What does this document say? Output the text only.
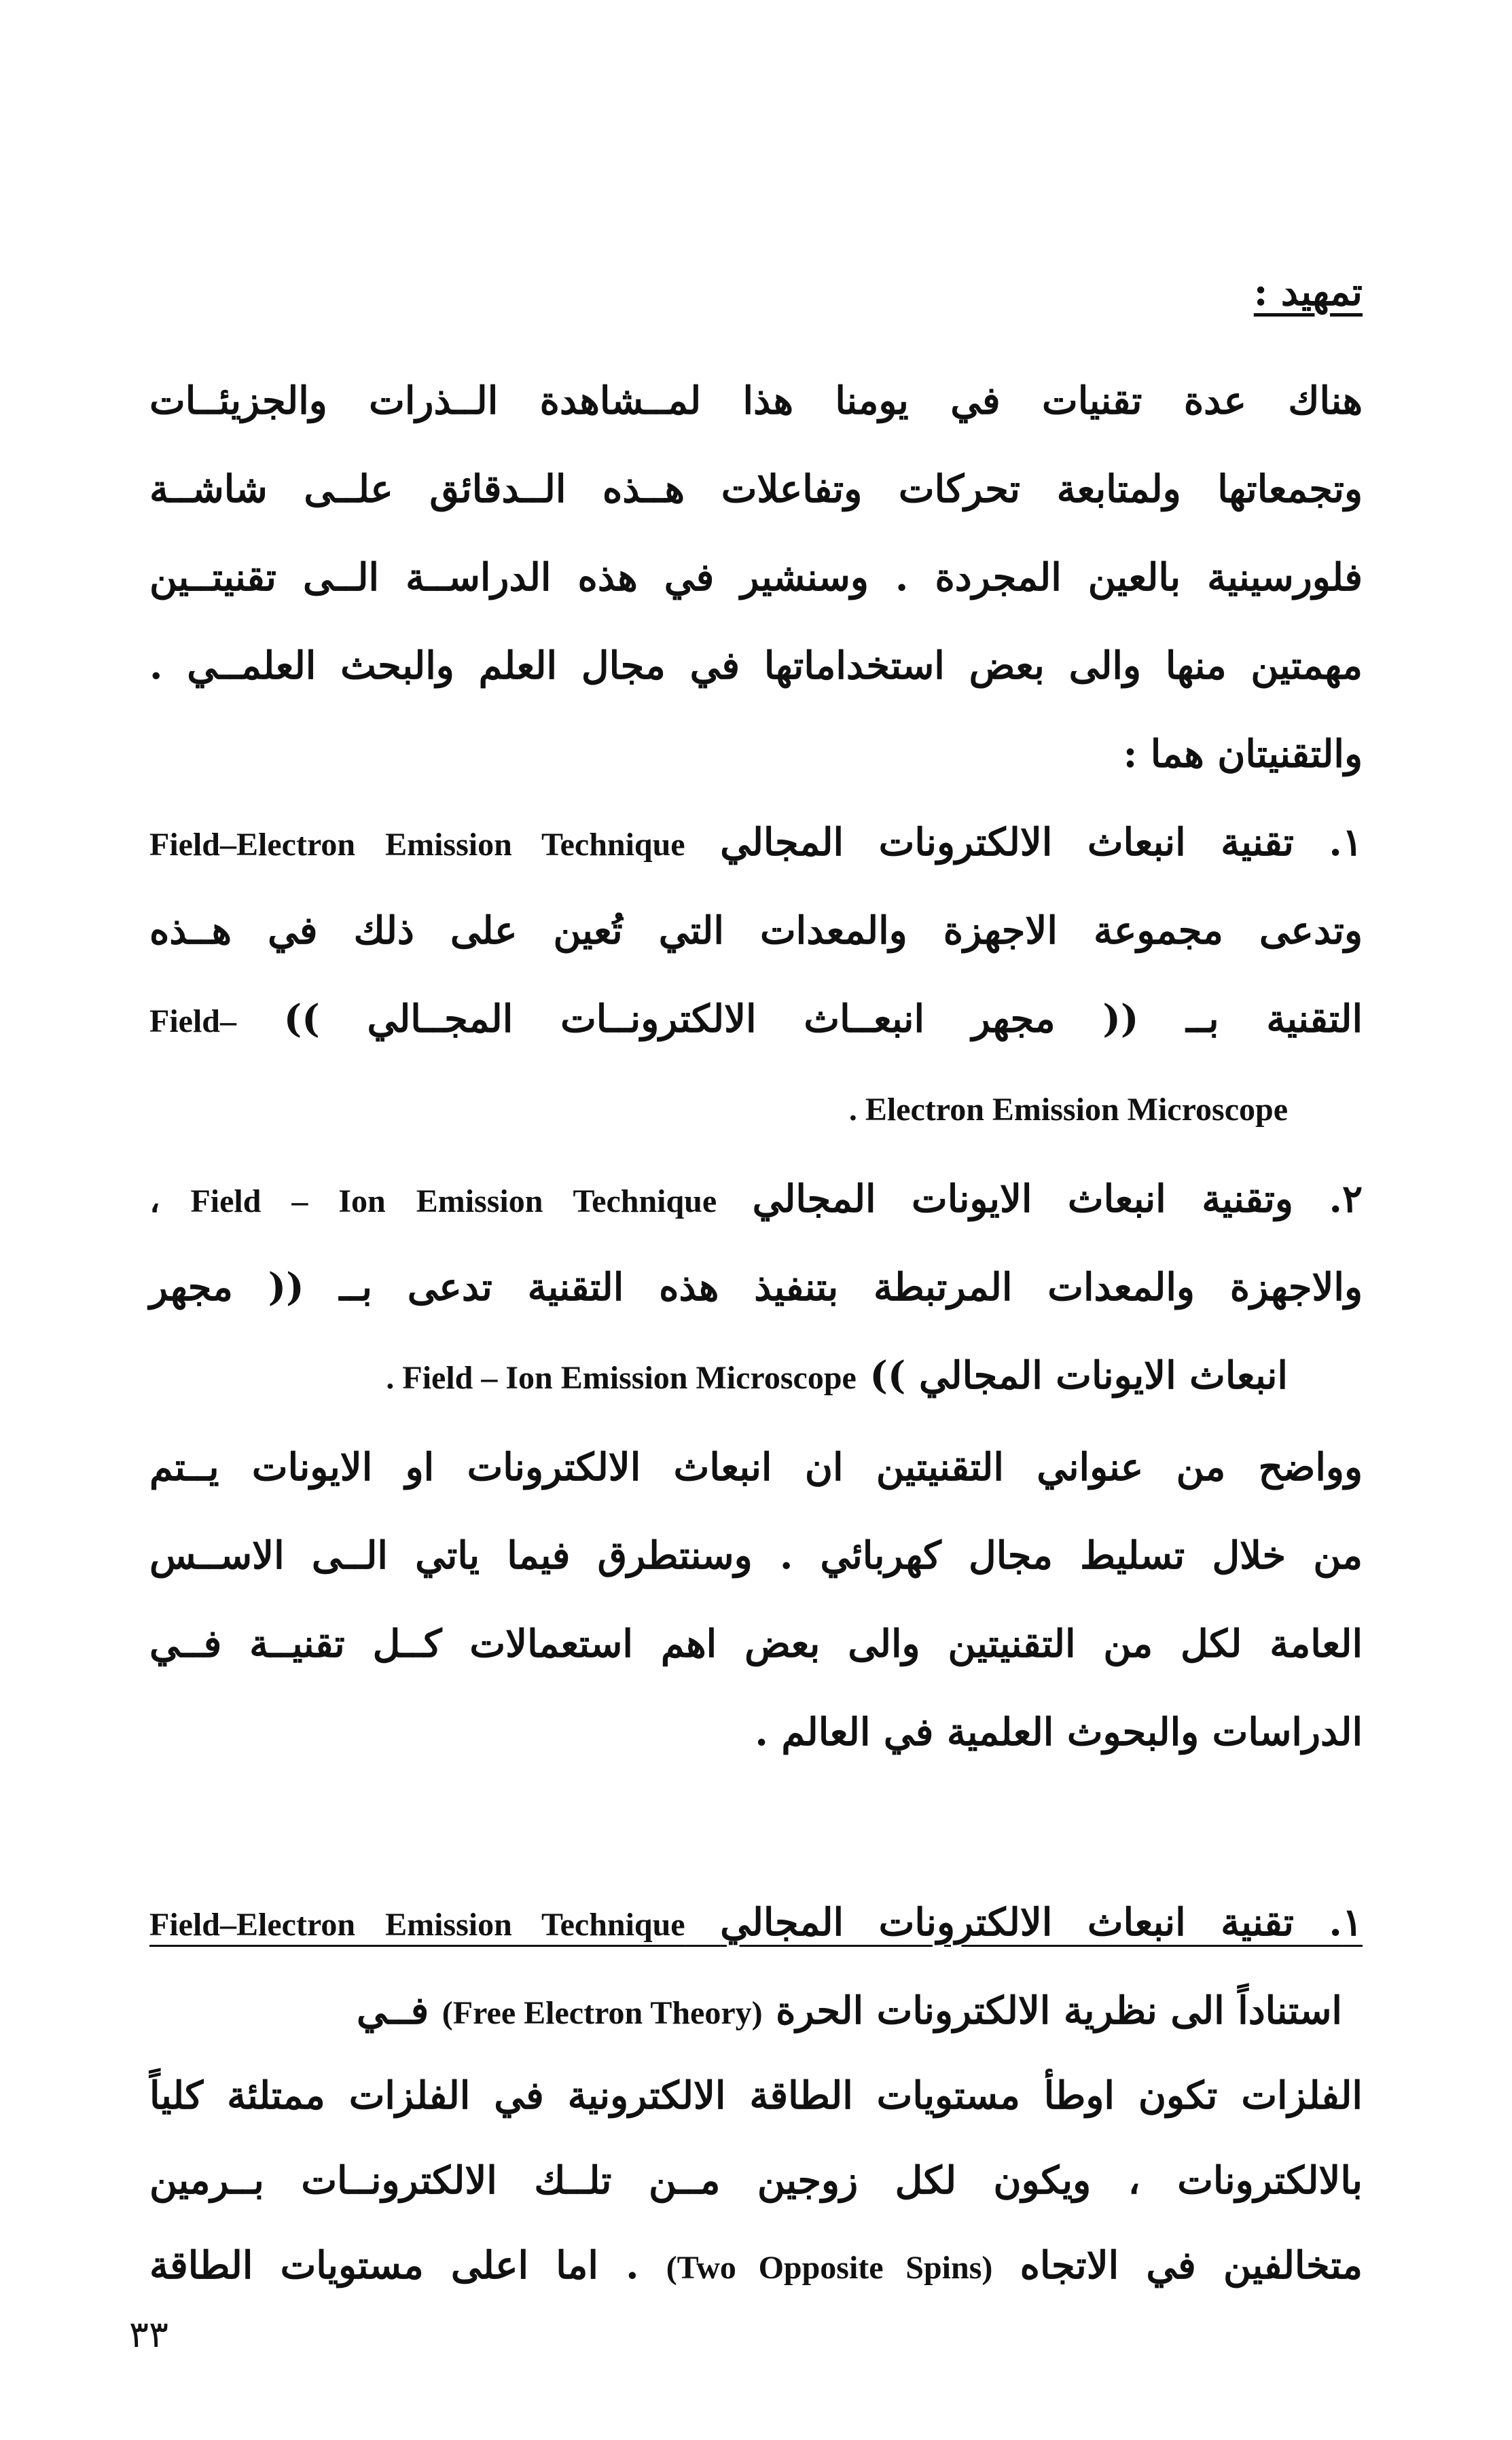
تمهيد :
هناك عدة تقنيات في يومنا هذا لمــشاهدة الــذرات والجزيئــات
وتجمعاتها ولمتابعة تحركات وتفاعلات هــذه الــدقائق علــى شاشــة
فلورسينية بالعين المجردة . وسنشير في هذه الدراســة الــى تقنيتــين
مهمتين منها والى بعض استخداماتها في مجال العلم والبحث العلمــي .
والتقنيتان هما :
١. تقنية انبعاث الالكترونات المجالي Field–Electron Emission Technique
وتدعى مجموعة الاجهزة والمعدات التي تُعين على ذلك في هــذه
التقنية بــ (( مجهر انبعــاث الالكترونــات المجــالي )) Field–
. Electron Emission Microscope
٢. وتقنية انبعاث الايونات المجالي ، Field – Ion Emission Technique
والاجهزة والمعدات المرتبطة بتنفيذ هذه التقنية تدعى بــ (( مجهر
انبعاث الايونات المجالي )) . Field – Ion Emission Microscope
وواضح من عنواني التقنيتين ان انبعاث الالكترونات او الايونات يــتم
من خلال تسليط مجال كهربائي . وسنتطرق فيما ياتي الــى الاســس
العامة لكل من التقنيتين والى بعض اهم استعمالات كــل تقنيــة فــي
الدراسات والبحوث العلمية في العالم .
١. تقنية انبعاث الالكترونات المجالي Field–Electron Emission Technique
استناداً الى نظرية الالكترونات الحرة (Free Electron Theory) فــي
الفلزات تكون اوطأ مستويات الطاقة الالكترونية في الفلزات ممتلئة كلياً
بالالكترونات ، ويكون لكل زوجين مــن تلــك الالكترونــات بــرمين
متخالفين في الاتجاه (Two Opposite Spins) . اما اعلى مستويات الطاقة
٣٣
